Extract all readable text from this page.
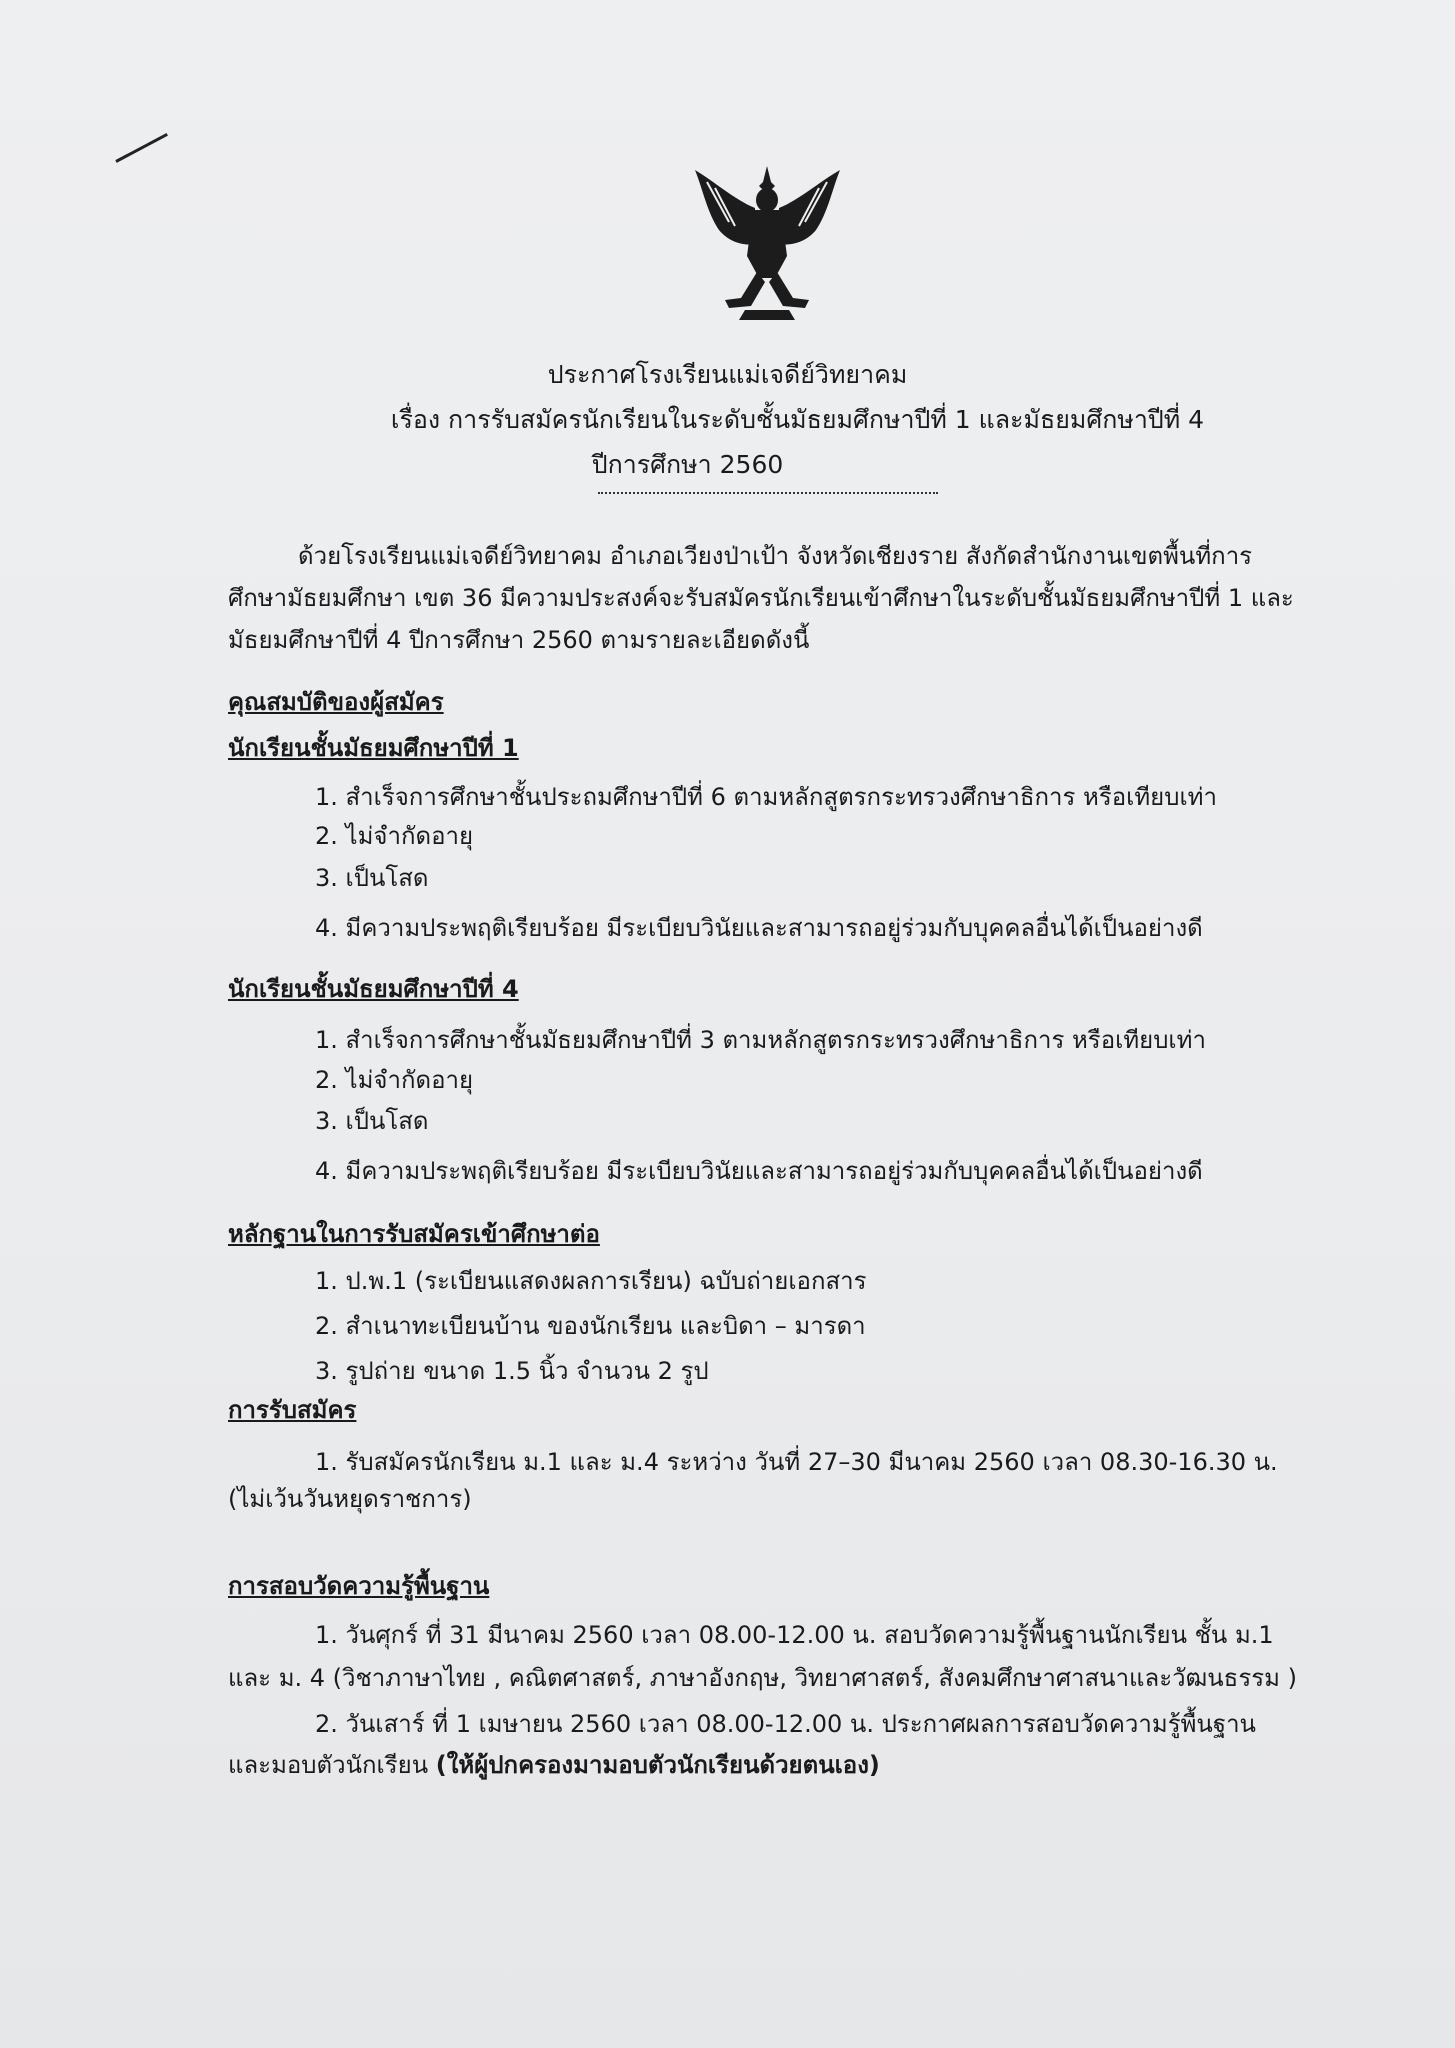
ประกาศโรงเรียนแม่เจดีย์วิทยาคม
เรื่อง การรับสมัครนักเรียนในระดับชั้นมัธยมศึกษาปีที่ 1 และมัธยมศึกษาปีที่ 4
ปีการศึกษา 2560
ด้วยโรงเรียนแม่เจดีย์วิทยาคม อำเภอเวียงป่าเป้า จังหวัดเชียงราย สังกัดสำนักงานเขตพื้นที่การศึกษามัธยมศึกษา เขต 36 มีความประสงค์จะรับสมัครนักเรียนเข้าศึกษาในระดับชั้นมัธยมศึกษาปีที่ 1 และมัธยมศึกษาปีที่ 4 ปีการศึกษา 2560 ตามรายละเอียดดังนี้
คุณสมบัติของผู้สมัคร
นักเรียนชั้นมัธยมศึกษาปีที่ 1
1. สำเร็จการศึกษาชั้นประถมศึกษาปีที่ 6 ตามหลักสูตรกระทรวงศึกษาธิการ หรือเทียบเท่า
2. ไม่จำกัดอายุ
3. เป็นโสด
4. มีความประพฤติเรียบร้อย มีระเบียบวินัยและสามารถอยู่ร่วมกับบุคคลอื่นได้เป็นอย่างดี
นักเรียนชั้นมัธยมศึกษาปีที่ 4
1. สำเร็จการศึกษาชั้นมัธยมศึกษาปีที่ 3 ตามหลักสูตรกระทรวงศึกษาธิการ หรือเทียบเท่า
2. ไม่จำกัดอายุ
3. เป็นโสด
4. มีความประพฤติเรียบร้อย มีระเบียบวินัยและสามารถอยู่ร่วมกับบุคคลอื่นได้เป็นอย่างดี
หลักฐานในการรับสมัครเข้าศึกษาต่อ
1. ป.พ.1 (ระเบียนแสดงผลการเรียน) ฉบับถ่ายเอกสาร
2. สำเนาทะเบียนบ้าน ของนักเรียน และบิดา – มารดา
3. รูปถ่าย ขนาด 1.5 นิ้ว จำนวน 2 รูป
การรับสมัคร
1. รับสมัครนักเรียน ม.1 และ ม.4 ระหว่าง วันที่ 27–30 มีนาคม 2560 เวลา 08.30-16.30 น.
(ไม่เว้นวันหยุดราชการ)
การสอบวัดความรู้พื้นฐาน
1. วันศุกร์ ที่ 31 มีนาคม 2560 เวลา 08.00-12.00 น. สอบวัดความรู้พื้นฐานนักเรียน ชั้น ม.1
และ ม. 4 (วิชาภาษาไทย , คณิตศาสตร์, ภาษาอังกฤษ, วิทยาศาสตร์, สังคมศึกษาศาสนาและวัฒนธรรม )
2. วันเสาร์ ที่ 1 เมษายน 2560 เวลา 08.00-12.00 น. ประกาศผลการสอบวัดความรู้พื้นฐาน
และมอบตัวนักเรียน (ให้ผู้ปกครองมามอบตัวนักเรียนด้วยตนเอง)
